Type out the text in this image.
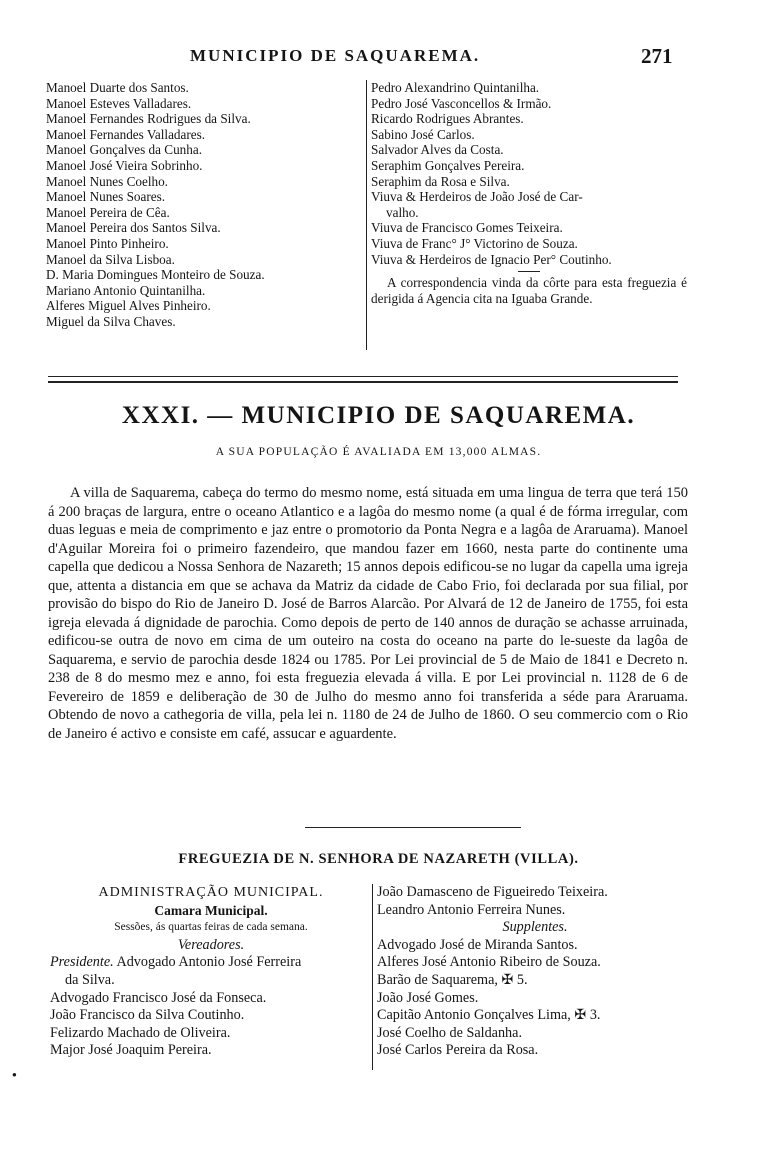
MUNICIPIO DE SAQUAREMA.	271
Manoel Duarte dos Santos.
Manoel Esteves Valladares.
Manoel Fernandes Rodrigues da Silva.
Manoel Fernandes Valladares.
Manoel Gonçalves da Cunha.
Manoel José Vieira Sobrinho.
Manoel Nunes Coelho.
Manoel Nunes Soares.
Manoel Pereira de Cêa.
Manoel Pereira dos Santos Silva.
Manoel Pinto Pinheiro.
Manoel da Silva Lisboa.
D. Maria Domingues Monteiro de Souza.
Mariano Antonio Quintanilha.
Alferes Miguel Alves Pinheiro.
Miguel da Silva Chaves.
Pedro Alexandrino Quintanilha.
Pedro José Vasconcellos & Irmão.
Ricardo Rodrigues Abrantes.
Sabino José Carlos.
Salvador Alves da Costa.
Seraphim Gonçalves Pereira.
Seraphim da Rosa e Silva.
Viuva & Herdeiros de João José de Car-
valho.
Viuva de Francisco Gomes Teixeira.
Viuva de Franc° J° Victorino de Souza.
Viuva & Herdeiros de Ignacio Per° Coutinho.
A correspondencia vinda da côrte para esta freguezia é derigida á Agencia cita na Iguaba Grande.
XXXI. — MUNICIPIO DE SAQUAREMA.
A SUA POPULAÇÃO É AVALIADA EM 13,000 ALMAS.
A villa de Saquarema, cabeça do termo do mesmo nome, está situada em uma lingua de terra que terá 150 á 200 braças de largura, entre o oceano Atlantico e a lagôa do mesmo nome (a qual é de fórma irregular, com duas leguas e meia de comprimento e jaz entre o promotorio da Ponta Negra e a lagôa de Araruama). Manoel d'Aguilar Moreira foi o primeiro fazendeiro, que mandou fazer em 1660, nesta parte do continente uma capella que dedicou a Nossa Senhora de Nazareth; 15 annos depois edificou-se no lugar da capella uma igreja que, attenta a distancia em que se achava da Matriz da cidade de Cabo Frio, foi declarada por sua filial, por provisão do bispo do Rio de Janeiro D. José de Barros Alarcão. Por Alvará de 12 de Janeiro de 1755, foi esta igreja elevada á dignidade de parochia. Como depois de perto de 140 annos de duração se achasse arruinada, edificou-se outra de novo em cima de um outeiro na costa do oceano na parte do le-sueste da lagôa de Saquarema, e servio de parochia desde 1824 ou 1785. Por Lei provincial de 5 de Maio de 1841 e Decreto n. 238 de 8 do mesmo mez e anno, foi esta freguezia elevada á villa. E por Lei provincial n. 1128 de 6 de Fevereiro de 1859 e deliberação de 30 de Julho do mesmo anno foi transferida a séde para Araruama. Obtendo de novo a cathegoria de villa, pela lei n. 1180 de 24 de Julho de 1860. O seu commercio com o Rio de Janeiro é activo e consiste em café, assucar e aguardente.
FREGUEZIA DE N. SENHORA DE NAZARETH (VILLA).
ADMINISTRAÇÃO MUNICIPAL.
Camara Municipal.
Sessões, ás quartas feiras de cada semana.
Vereadores.
Presidente. Advogado Antonio José Ferreira
da Silva.
Advogado Francisco José da Fonseca.
João Francisco da Silva Coutinho.
Felizardo Machado de Oliveira.
Major José Joaquim Pereira.
João Damasceno de Figueiredo Teixeira.
Leandro Antonio Ferreira Nunes.
Supplentes.
Advogado José de Miranda Santos.
Alferes José Antonio Ribeiro de Souza.
Barão de Saquarema, ✠ 5.
João José Gomes.
Capitão Antonio Gonçalves Lima, ✠ 3.
José Coelho de Saldanha.
José Carlos Pereira da Rosa.
●
